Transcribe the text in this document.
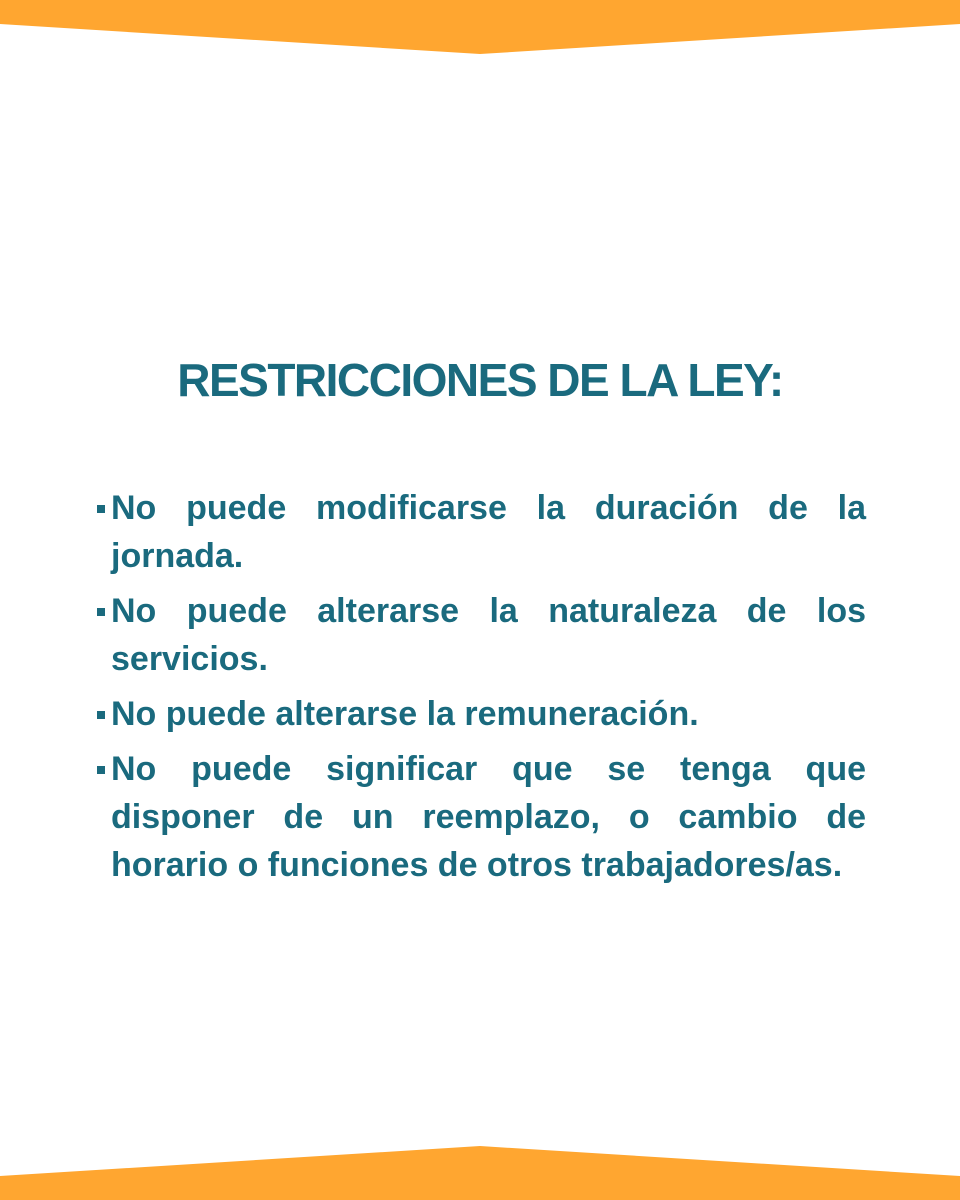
RESTRICCIONES DE LA LEY:
No puede modificarse la duración de la jornada.
No puede alterarse la naturaleza de los servicios.
No puede alterarse la remuneración.
No puede significar que se tenga que disponer de un reemplazo, o cambio de horario o funciones de otros trabajadores/as.
